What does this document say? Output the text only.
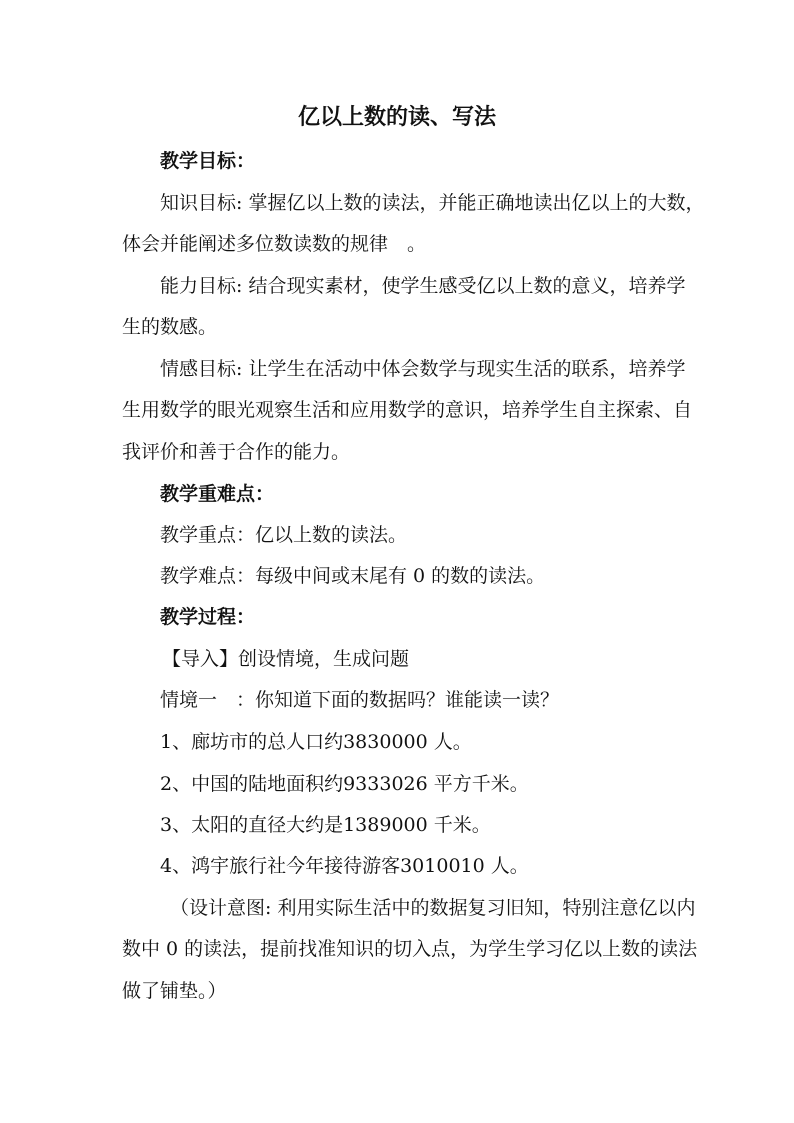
亿以上数的读、写法
教学目标：
知识目标: 掌握亿以上数的读法，并能正确地读出亿以上的大数，
体会并能阐述多位数读数的规律　。
能力目标: 结合现实素材，使学生感受亿以上数的意义，培养学
生的数感。
情感目标: 让学生在活动中体会数学与现实生活的联系，培养学
生用数学的眼光观察生活和应用数学的意识，培养学生自主探索、自
我评价和善于合作的能力。
教学重难点：
教学重点：亿以上数的读法。
教学难点：每级中间或末尾有 0 的数的读法。
教学过程：
【导入】创设情境，生成问题
情境一　：你知道下面的数据吗？谁能读一读？
1、廊坊市的总人口约3830000 人。
2、中国的陆地面积约9333026 平方千米。
3、太阳的直径大约是1389000 千米。
4、鸿宇旅行社今年接待游客3010010 人。
（设计意图: 利用实际生活中的数据复习旧知，特别注意亿以内
数中 0 的读法，提前找准知识的切入点，为学生学习亿以上数的读法
做了铺垫。）
